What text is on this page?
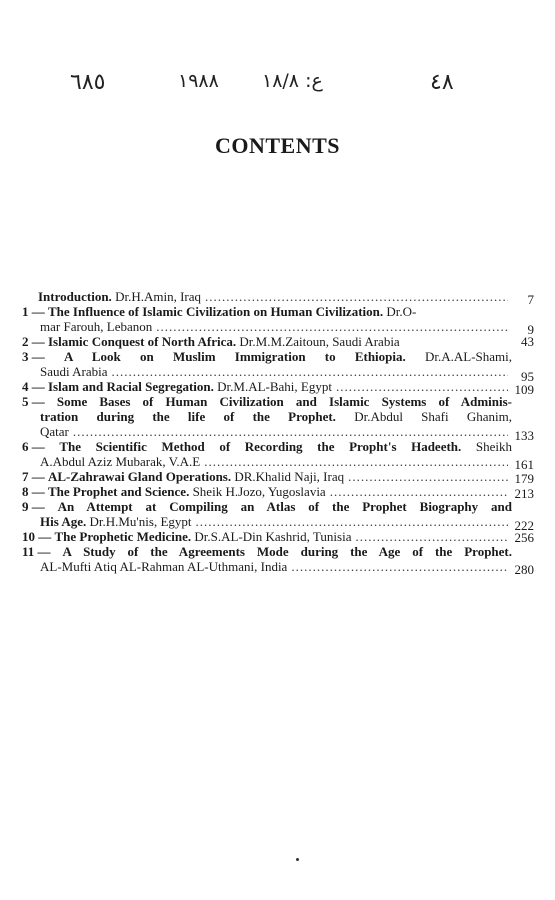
٦٨٥	١٩٨٨ ع: ١٨/٨	٤٨
CONTENTS
Introduction.
Dr.H.Amin, Iraq .....	7
1 — The Influence of Islamic Civilization on Human Civilization. Dr.O-
mar Farouh, Lebanon .....	9
2 — Islamic Conquest of North Africa. Dr.M.M.Zaitoun, Saudi Arabia	43
3 — A Look on Muslim Immigration to Ethiopia. Dr.A.AL-Shami,
Saudi Arabia .....	95
4 — Islam and Racial Segregation. Dr.M.AL-Bahi, Egypt .....	109
5 — Some Bases of Human Civilization and Islamic Systems of Adminis-
tration during the life of the Prophet. Dr.Abdul Shafi Ghanim,
Qatar .....	133
6 — The Scientific Method of Recording the Propht's Hadeeth. Sheikh
A.Abdul Aziz Mubarak, V.A.E .....	161
7 — AL-Zahrawai Gland Operations. DR.Khalid Naji, Iraq .....	179
8 — The Prophet and Science. Sheik H.Jozo, Yugoslavia .....	213
9 — An Attempt at Compiling an Atlas of the Prophet Biography and
His Age. Dr.H.Mu'nis, Egypt .....	222
10 — The Prophetic Medicine. Dr.S.AL-Din Kashrid, Tunisia .....	256
11 — A Study of the Agreements Mode during the Age of the Prophet.
AL-Mufti Atiq AL-Rahman AL-Uthmani, India .....	280
